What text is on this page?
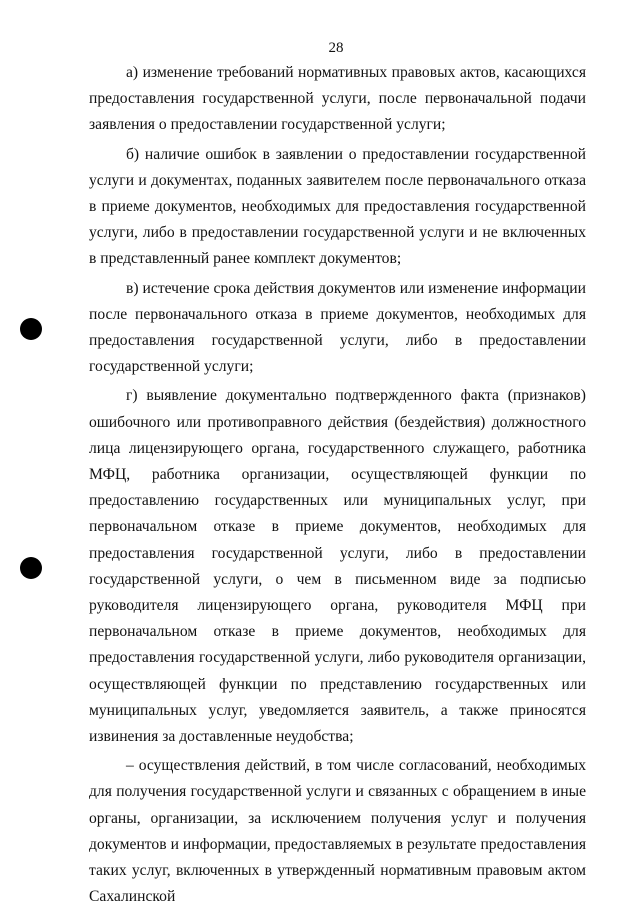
28

а) изменение требований нормативных правовых актов, касающихся предоставления государственной услуги, после первоначальной подачи заявления о предоставлении государственной услуги;

б) наличие ошибок в заявлении о предоставлении государственной услуги и документах, поданных заявителем после первоначального отказа в приеме документов, необходимых для предоставления государственной услуги, либо в предоставлении государственной услуги и не включенных в представленный ранее комплект документов;

в) истечение срока действия документов или изменение информации после первоначального отказа в приеме документов, необходимых для предоставления государственной услуги, либо в предоставлении государственной услуги;

г) выявление документально подтвержденного факта (признаков) ошибочного или противоправного действия (бездействия) должностного лица лицензирующего органа, государственного служащего, работника МФЦ, работника организации, осуществляющей функции по предоставлению государственных или муниципальных услуг, при первоначальном отказе в приеме документов, необходимых для предоставления государственной услуги, либо в предоставлении государственной услуги, о чем в письменном виде за подписью руководителя лицензирующего органа, руководителя МФЦ при первоначальном отказе в приеме документов, необходимых для предоставления государственной услуги, либо руководителя организации, осуществляющей функции по представлению государственных или муниципальных услуг, уведомляется заявитель, а также приносятся извинения за доставленные неудобства;

– осуществления действий, в том числе согласований, необходимых для получения государственной услуги и связанных с обращением в иные органы, организации, за исключением получения услуг и получения документов и информации, предоставляемых в результате предоставления таких услуг, включенных в утвержденный нормативным правовым актом Сахалинской
